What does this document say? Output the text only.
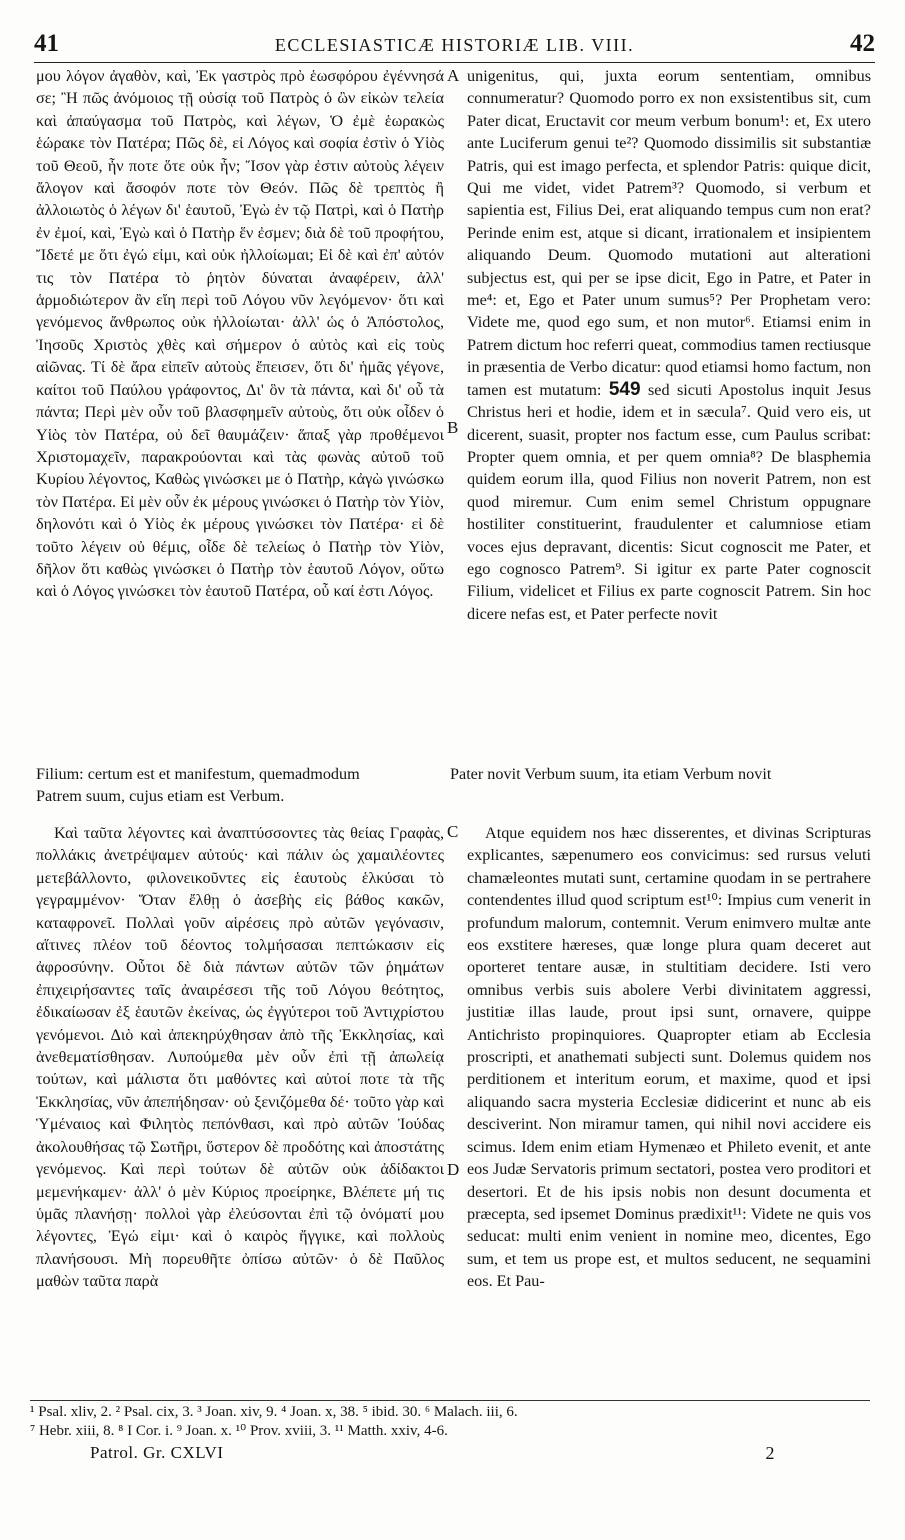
41	ECCLESIASTICÆ HISTORIÆ LIB. VIII.	42
A
B
C
D

μου λόγον ἀγαθὸν, καὶ, Ἐκ γαστρὸς πρὸ ἑωσφόρου ἐγέννησά σε; Ἢ πῶς ἀνόμοιος τῇ οὐσίᾳ τοῦ Πατρὸς ὁ ὢν εἰκὼν τελεία καὶ ἀπαύγασμα τοῦ Πατρὸς, καὶ λέγων, Ὁ ἐμὲ ἑωρακὼς ἑώρακε τὸν Πατέρα; Πῶς δὲ, εἰ Λόγος καὶ σοφία ἐστὶν ὁ Υἱὸς τοῦ Θεοῦ, ἦν ποτε ὅτε οὐκ ἦν; Ἴσον γὰρ ἐστιν αὐτοὺς λέγειν ἄλογον καὶ ἄσοφόν ποτε τὸν Θεόν. Πῶς δὲ τρεπτὸς ἢ ἀλλοιωτὸς ὁ λέγων δι' ἑαυτοῦ, Ἐγὼ ἐν τῷ Πατρὶ, καὶ ὁ Πατὴρ ἐν ἐμοί, καὶ, Ἐγὼ καὶ ὁ Πατὴρ ἕν ἐσμεν; διὰ δὲ τοῦ προφήτου, Ἴδετέ με ὅτι ἐγώ εἰμι, καὶ οὐκ ἠλλοίωμαι; Εἰ δὲ καὶ ἐπ' αὐτόν τις τὸν Πατέρα τὸ ῥητὸν δύναται ἀναφέρειν, ἀλλ' ἁρμοδιώτερον ἂν εἴη περὶ τοῦ Λόγου νῦν λεγόμενον· ὅτι καὶ γενόμενος ἄνθρωπος οὐκ ἠλλοίωται· ἀλλ' ὡς ὁ Ἀπόστολος, Ἰησοῦς Χριστὸς χθὲς καὶ σήμερον ὁ αὐτὸς καὶ εἰς τοὺς αἰῶνας. Τί δὲ ἄρα εἰπεῖν αὐτοὺς ἔπεισεν, ὅτι δι' ἡμᾶς γέγονε, καίτοι τοῦ Παύλου γράφοντος, Δι' ὃν τὰ πάντα, καὶ δι' οὗ τὰ πάντα; Περὶ μὲν οὖν τοῦ βλασφημεῖν αὐτοὺς, ὅτι οὐκ οἶδεν ὁ Υἱὸς τὸν Πατέρα, οὐ δεῖ θαυμάζειν· ἅπαξ γὰρ προθέμενοι Χριστομαχεῖν, παρακρούονται καὶ τὰς φωνὰς αὐτοῦ τοῦ Κυρίου λέγοντος, Καθὼς γινώσκει με ὁ Πατὴρ, κἀγὼ γινώσκω τὸν Πατέρα. Εἰ μὲν οὖν ἐκ μέρους γινώσκει ὁ Πατὴρ τὸν Υἱὸν, δηλονότι καὶ ὁ Υἱὸς ἐκ μέρους γινώσκει τὸν Πατέρα· εἰ δὲ τοῦτο λέγειν οὐ θέμις, οἶδε δὲ τελείως ὁ Πατὴρ τὸν Υἱὸν, δῆλον ὅτι καθὼς γινώσκει ὁ Πατὴρ τὸν ἑαυτοῦ Λόγον, οὕτω καὶ ὁ Λόγος γινώσκει τὸν ἑαυτοῦ Πατέρα, οὗ καί ἐστι Λόγος.

unigenitus, qui, juxta eorum sententiam, omnibus connumeratur? Quomodo porro ex non exsistentibus sit, cum Pater dicat, Eructavit cor meum verbum bonum¹: et, Ex utero ante Luciferum genui te²? Quomodo dissimilis sit substantiæ Patris, qui est imago perfecta, et splendor Patris: quique dicit, Qui me videt, videt Patrem³? Quomodo, si verbum et sapientia est, Filius Dei, erat aliquando tempus cum non erat? Perinde enim est, atque si dicant, irrationalem et insipientem aliquando Deum. Quomodo mutationi aut alterationi subjectus est, qui per se ipse dicit, Ego in Patre, et Pater in me⁴: et, Ego et Pater unum sumus⁵? Per Prophetam vero: Videte me, quod ego sum, et non mutor⁶. Etiamsi enim in Patrem dictum hoc referri queat, commodius tamen rectiusque in præsentia de Verbo dicatur: quod etiamsi homo factum, non tamen est mutatum: 549 sed sicuti Apostolus inquit Jesus Christus heri et hodie, idem et in sæcula⁷. Quid vero eis, ut dicerent, suasit, propter nos factum esse, cum Paulus scribat: Propter quem omnia, et per quem omnia⁸? De blasphemia quidem eorum illa, quod Filius non noverit Patrem, non est quod miremur. Cum enim semel Christum oppugnare hostiliter constituerint, fraudulenter et calumniose etiam voces ejus depravant, dicentis: Sicut cognoscit me Pater, et ego cognosco Patrem⁹. Si igitur ex parte Pater cognoscit Filium, videlicet et Filius ex parte cognoscit Patrem. Sin hoc dicere nefas est, et Pater perfecte novit

Filium: certum est et manifestum, quemadmodum	Pater novit Verbum suum, ita etiam Verbum novit
Patrem suum, cujus etiam est Verbum.

Καὶ ταῦτα λέγοντες καὶ ἀναπτύσσοντες τὰς θείας Γραφὰς, πολλάκις ἀνετρέψαμεν αὐτούς· καὶ πάλιν ὡς χαμαιλέοντες μετεβάλλοντο, φιλονεικοῦντες εἰς ἑαυτοὺς ἑλκύσαι τὸ γεγραμμένον· Ὅταν ἔλθῃ ὁ ἀσεβὴς εἰς βάθος κακῶν, καταφρονεῖ. Πολλαὶ γοῦν αἱρέσεις πρὸ αὐτῶν γεγόνασιν, αἵτινες πλέον τοῦ δέοντος τολμήσασαι πεπτώκασιν εἰς ἀφροσύνην. Οὗτοι δὲ διὰ πάντων αὐτῶν τῶν ῥημάτων ἐπιχειρήσαντες ταῖς ἀναιρέσεσι τῆς τοῦ Λόγου θεότητος, ἐδικαίωσαν ἐξ ἑαυτῶν ἐκείνας, ὡς ἐγγύτεροι τοῦ Ἀντιχρίστου γενόμενοι. Διὸ καὶ ἀπεκηρύχθησαν ἀπὸ τῆς Ἐκκλησίας, καὶ ἀνεθεματίσθησαν. Λυπούμεθα μὲν οὖν ἐπὶ τῇ ἀπωλείᾳ τούτων, καὶ μάλιστα ὅτι μαθόντες καὶ αὐτοί ποτε τὰ τῆς Ἐκκλησίας, νῦν ἀπεπήδησαν· οὐ ξενιζόμεθα δέ· τοῦτο γὰρ καὶ Ὑμέναιος καὶ Φιλητὸς πεπόνθασι, καὶ πρὸ αὐτῶν Ἰούδας ἀκολουθήσας τῷ Σωτῆρι, ὕστερον δὲ προδότης καὶ ἀποστάτης γενόμενος. Καὶ περὶ τούτων δὲ αὐτῶν οὐκ ἀδίδακτοι μεμενήκαμεν· ἀλλ' ὁ μὲν Κύριος προείρηκε, Βλέπετε μή τις ὑμᾶς πλανήσῃ· πολλοὶ γὰρ ἐλεύσονται ἐπὶ τῷ ὀνόματί μου λέγοντες, Ἐγώ εἰμι· καὶ ὁ καιρὸς ἤγγικε, καὶ πολλοὺς πλανήσουσι. Μὴ πορευθῆτε ὀπίσω αὐτῶν· ὁ δὲ Παῦλος μαθὼν ταῦτα παρὰ

Atque equidem nos hæc disserentes, et divinas Scripturas explicantes, sæpenumero eos convicimus: sed rursus veluti chamæleontes mutati sunt, certamine quodam in se pertrahere contendentes illud quod scriptum est¹⁰: Impius cum venerit in profundum malorum, contemnit. Verum enimvero multæ ante eos exstitere hæreses, quæ longe plura quam deceret aut oporteret tentare ausæ, in stultitiam decidere. Isti vero omnibus verbis suis abolere Verbi divinitatem aggressi, justitiæ illas laude, prout ipsi sunt, ornavere, quippe Antichristo propinquiores. Quapropter etiam ab Ecclesia proscripti, et anathemati subjecti sunt. Dolemus quidem nos perditionem et interitum eorum, et maxime, quod et ipsi aliquando sacra mysteria Ecclesiæ didicerint et nunc ab eis desciverint. Non miramur tamen, qui nihil novi accidere eis scimus. Idem enim etiam Hymenæo et Phileto evenit, et ante eos Judæ Servatoris primum sectatori, postea vero proditori et desertori. Et de his ipsis nobis non desunt documenta et præcepta, sed ipsemet Dominus prædixit¹¹: Videte ne quis vos seducat: multi enim venient in nomine meo, dicentes, Ego sum, et tem us prope est, et multos seducent, ne sequamini eos. Et Pau-

¹ Psal. xliv, 2. ² Psal. cix, 3. ³ Joan. xiv, 9. ⁴ Joan. x, 38. ⁵ ibid. 30. ⁶ Malach. iii, 6.
⁷ Hebr. xiii, 8. ⁸ I Cor. i. ⁹ Joan. x. ¹⁰ Prov. xviii, 3. ¹¹ Matth. xxiv, 4-6.
Patrol. Gr. CXLVI	2
